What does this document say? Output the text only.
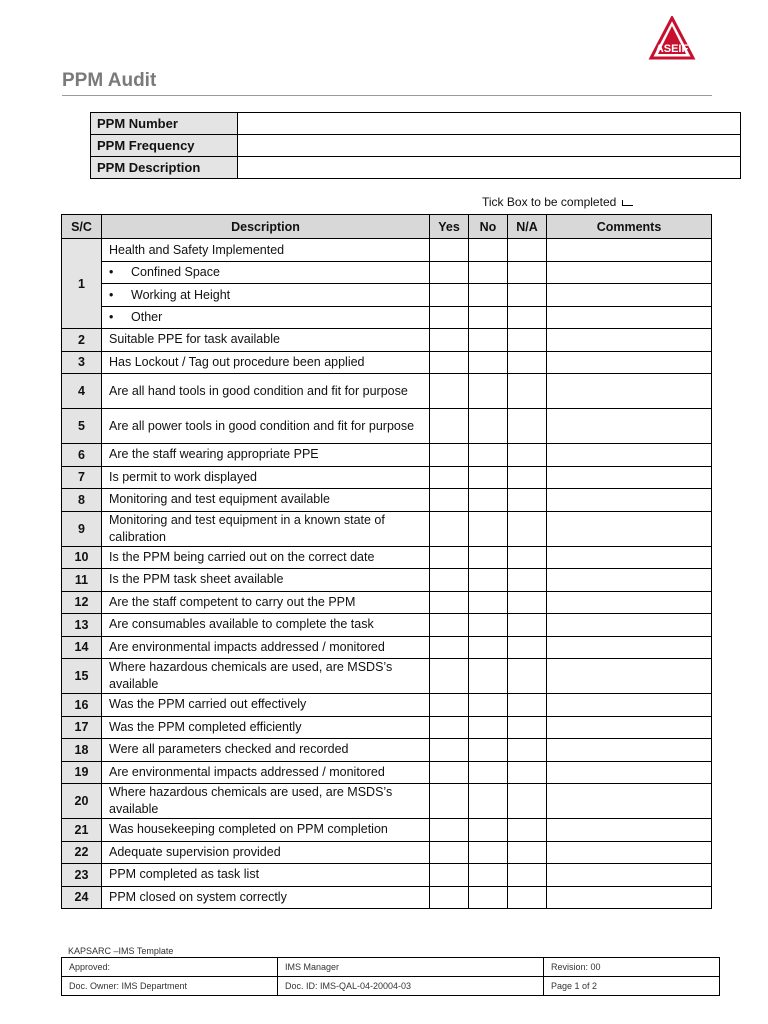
ASEIF
PPM Audit
PPM Number	
PPM Frequency	
PPM Description	
Tick Box to be completed
S/C	Description	Yes	No	N/A	Comments
1	Health and Safety Implemented				
	• Confined Space				
	• Working at Height				
	• Other				
2	Suitable PPE for task available				
3	Has Lockout / Tag out procedure been applied				
4	Are all hand tools in good condition and fit for purpose				
5	Are all power tools in good condition and fit for purpose				
6	Are the staff wearing appropriate PPE				
7	Is permit to work displayed				
8	Monitoring and test equipment available				
9	Monitoring and test equipment in a known state of calibration				
10	Is the PPM being carried out on the correct date				
11	Is the PPM task sheet available				
12	Are the staff competent to carry out the PPM				
13	Are consumables available to complete the task				
14	Are environmental impacts addressed / monitored				
15	Where hazardous chemicals are used, are MSDS’s available				
16	Was the PPM carried out effectively				
17	Was the PPM completed efficiently				
18	Were all parameters checked and recorded				
19	Are environmental impacts addressed / monitored				
20	Where hazardous chemicals are used, are MSDS’s available				
21	Was housekeeping completed on PPM completion				
22	Adequate supervision provided				
23	PPM completed as task list				
24	PPM closed on system correctly				
KAPSARC –IMS Template
Approved:	IMS Manager	Revision: 00
Doc. Owner: IMS Department	Doc. ID: IMS-QAL-04-20004-03	Page 1 of 2
